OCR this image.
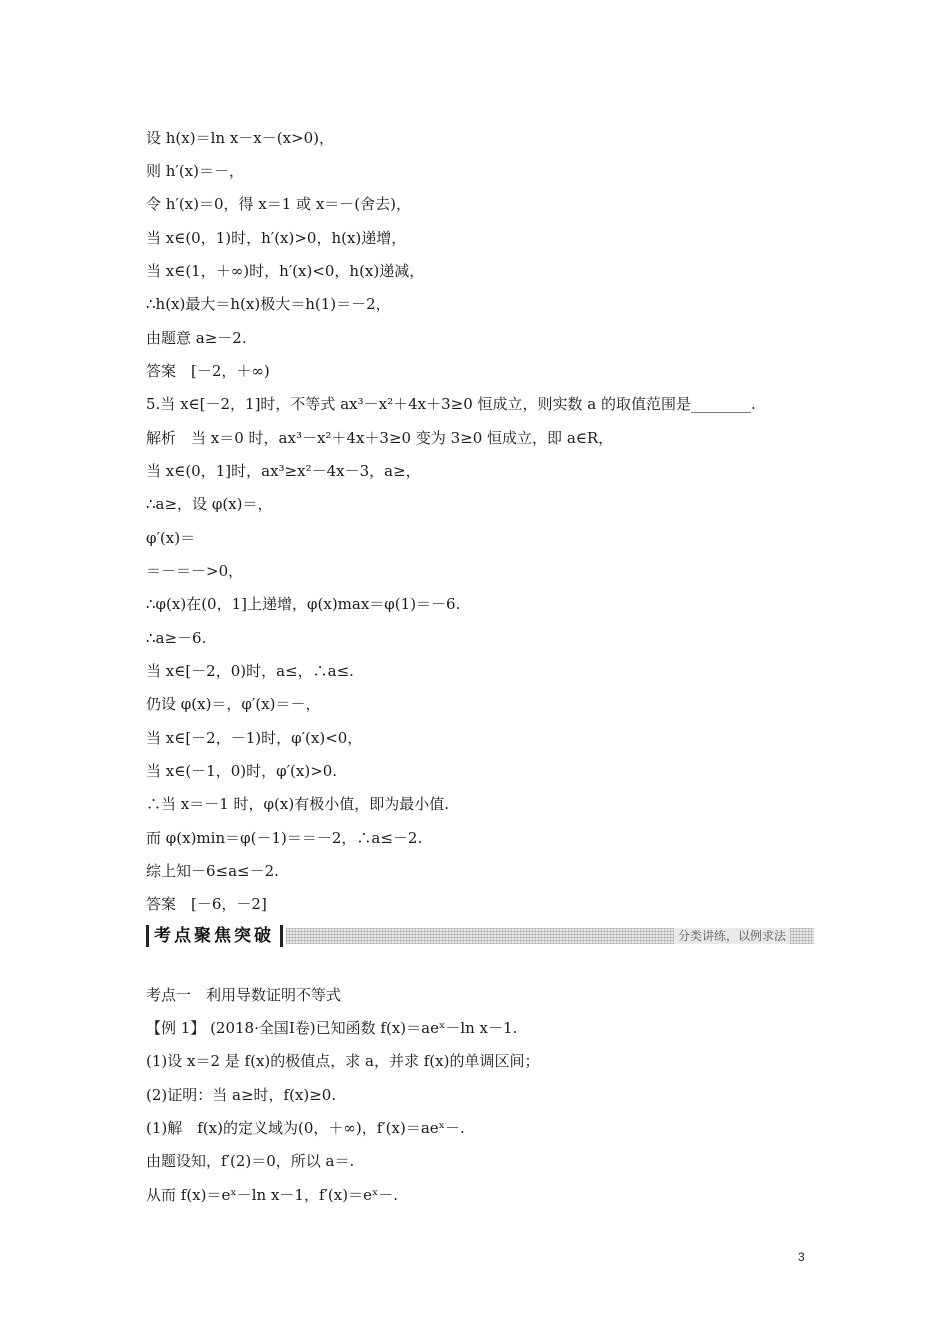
设 h(x)＝ln x－x－(x>0)，
则 h′(x)＝－，
令 h′(x)＝0，得 x＝1 或 x＝－(舍去)，
当 x∈(0，1)时，h′(x)>0，h(x)递增，
当 x∈(1，＋∞)时，h′(x)<0，h(x)递减，
∴h(x)最大＝h(x)极大＝h(1)＝－2，
由题意 a≥－2.
答案　[－2，＋∞)
5.当 x∈[－2，1]时，不等式 ax³－x²＋4x＋3≥0 恒成立，则实数 a 的取值范围是________.
解析　当 x＝0 时，ax³－x²＋4x＋3≥0 变为 3≥0 恒成立，即 a∈R，
当 x∈(0，1]时，ax³≥x²－4x－3，a≥，
∴a≥，设 φ(x)＝，
φ′(x)＝
＝－＝－>0，
∴φ(x)在(0，1]上递增，φ(x)max＝φ(1)＝－6.
∴a≥－6.
当 x∈[－2，0)时，a≤，∴a≤.
仍设 φ(x)＝，φ′(x)＝－，
当 x∈[－2，－1)时，φ′(x)<0，
当 x∈(－1，0)时，φ′(x)>0.
∴当 x＝－1 时，φ(x)有极小值，即为最小值.
而 φ(x)min＝φ(－1)＝＝－2，∴a≤－2.
综上知－6≤a≤－2.
答案　[－6，－2]
考点聚焦突破	分类讲练，以例求法
考点一　利用导数证明不等式
【例 1】 (2018·全国Ⅰ卷)已知函数 f(x)＝aeˣ－ln x－1.
(1)设 x＝2 是 f(x)的极值点，求 a，并求 f(x)的单调区间；
(2)证明：当 a≥时，f(x)≥0.
(1)解　f(x)的定义域为(0，＋∞)，f′(x)＝aeˣ－.
由题设知，f′(2)＝0，所以 a＝.
从而 f(x)＝eˣ－ln x－1，f′(x)＝eˣ－.
3
